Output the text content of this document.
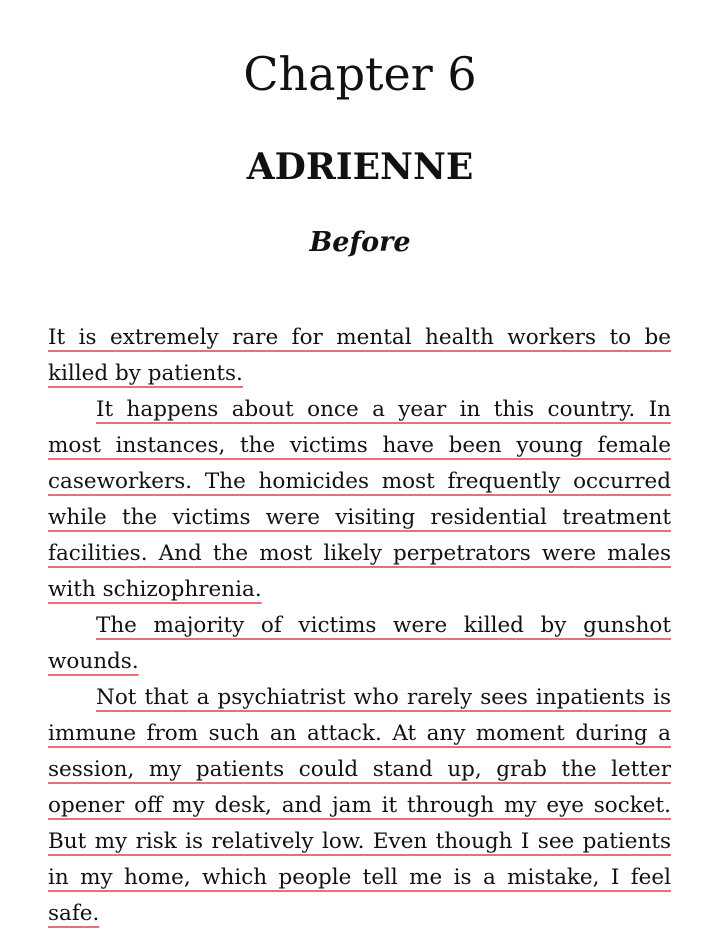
Chapter 6
ADRIENNE
Before

It is extremely rare for mental health workers to be killed by patients.

It happens about once a year in this country. In most instances, the victims have been young female caseworkers. The homicides most frequently occurred while the victims were visiting residential treatment facilities. And the most likely perpetrators were males with schizophrenia.

The majority of victims were killed by gunshot wounds.

Not that a psychiatrist who rarely sees inpatients is immune from such an attack. At any moment during a session, my patients could stand up, grab the letter opener off my desk, and jam it through my eye socket. But my risk is relatively low. Even though I see patients in my home, which people tell me is a mistake, I feel safe.
